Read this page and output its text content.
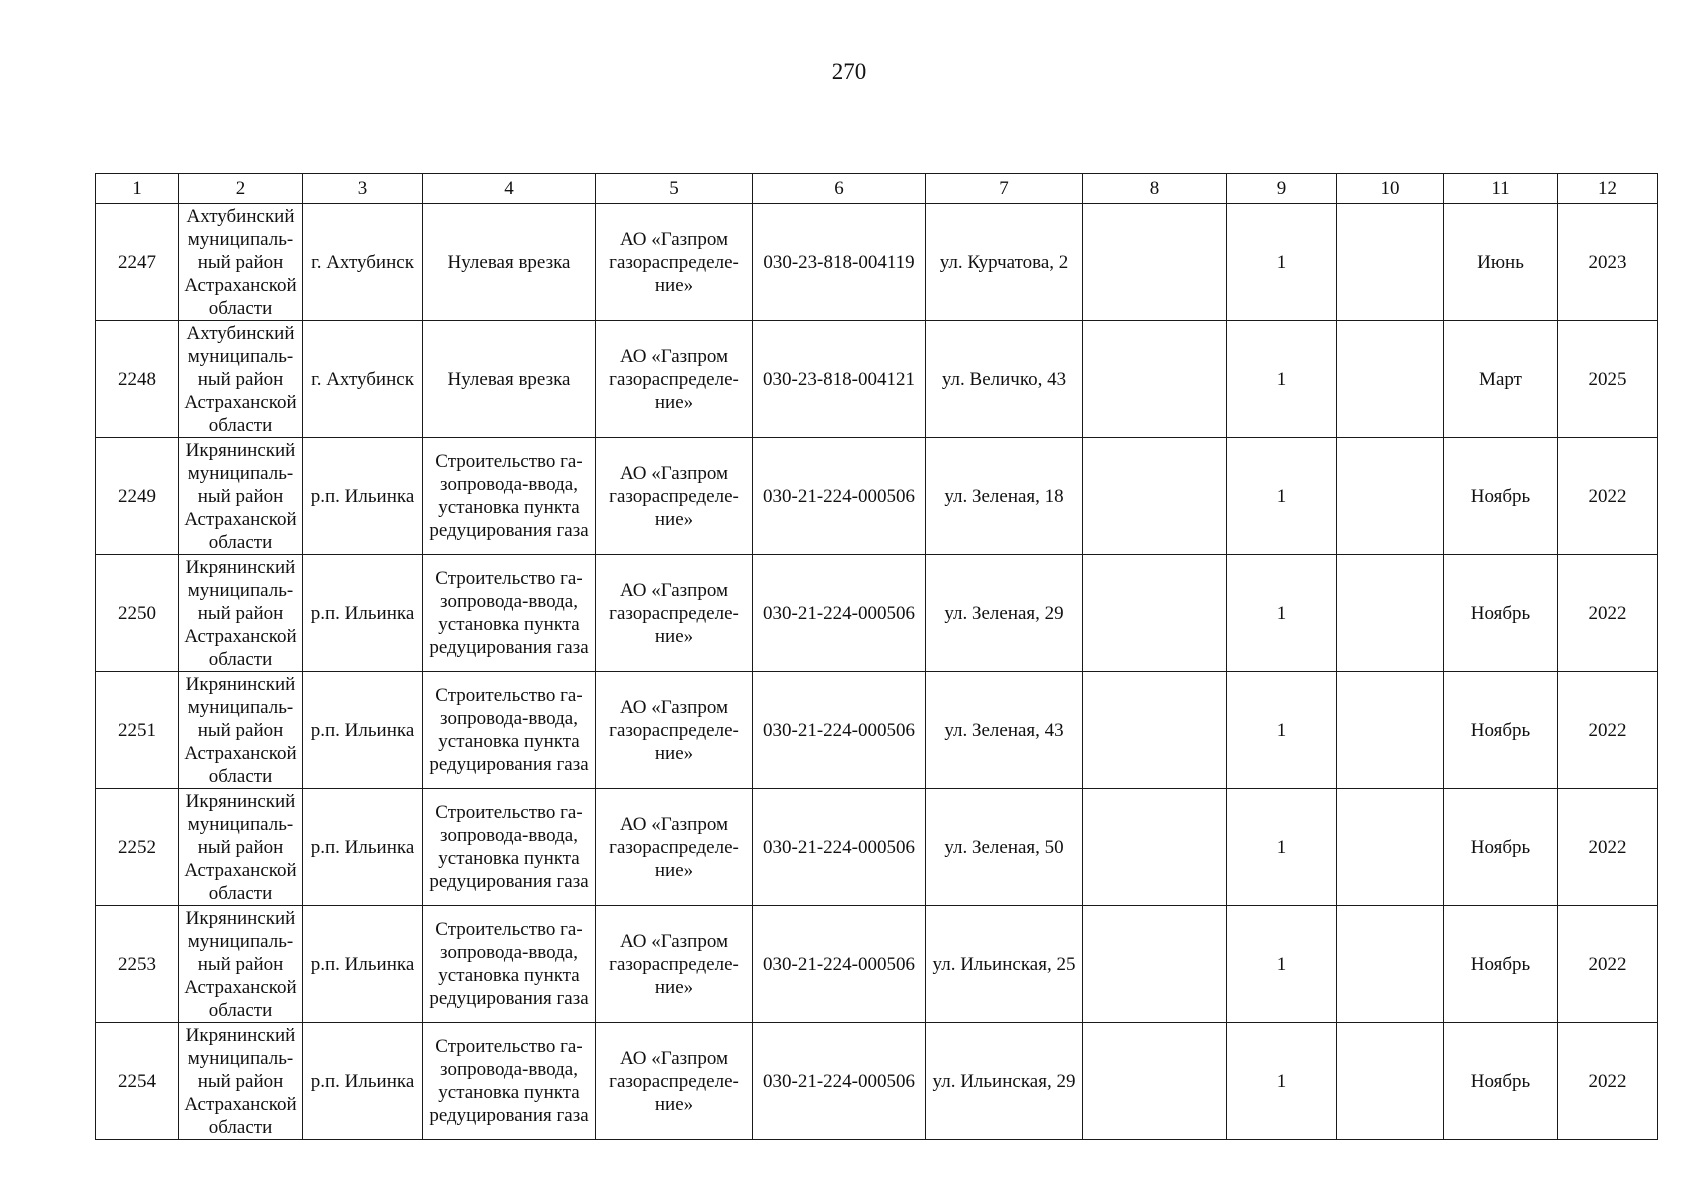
270
1	2	3	4	5	6	7	8	9	10	11	12

2247	Ахтубинский
муниципаль-
ный район
Астраханской
области	г. Ахтубинск	Нулевая врезка	АО «Газпром
газораспределе-
ние»	030-23-818-004119	ул. Курчатова, 2		1		Июнь	2023

2248	Ахтубинский
муниципаль-
ный район
Астраханской
области	г. Ахтубинск	Нулевая врезка	АО «Газпром
газораспределе-
ние»	030-23-818-004121	ул. Величко, 43		1		Март	2025

2249	Икрянинский
муниципаль-
ный район
Астраханской
области	р.п. Ильинка	Строительство га-
зопровода-ввода,
установка пункта
редуцирования газа	АО «Газпром
газораспределе-
ние»	030-21-224-000506	ул. Зеленая, 18		1		Ноябрь	2022

2250	Икрянинский
муниципаль-
ный район
Астраханской
области	р.п. Ильинка	Строительство га-
зопровода-ввода,
установка пункта
редуцирования газа	АО «Газпром
газораспределе-
ние»	030-21-224-000506	ул. Зеленая, 29		1		Ноябрь	2022

2251	Икрянинский
муниципаль-
ный район
Астраханской
области	р.п. Ильинка	Строительство га-
зопровода-ввода,
установка пункта
редуцирования газа	АО «Газпром
газораспределе-
ние»	030-21-224-000506	ул. Зеленая, 43		1		Ноябрь	2022

2252	Икрянинский
муниципаль-
ный район
Астраханской
области	р.п. Ильинка	Строительство га-
зопровода-ввода,
установка пункта
редуцирования газа	АО «Газпром
газораспределе-
ние»	030-21-224-000506	ул. Зеленая, 50		1		Ноябрь	2022

2253	Икрянинский
муниципаль-
ный район
Астраханской
области	р.п. Ильинка	Строительство га-
зопровода-ввода,
установка пункта
редуцирования газа	АО «Газпром
газораспределе-
ние»	030-21-224-000506	ул. Ильинская, 25		1		Ноябрь	2022

2254	Икрянинский
муниципаль-
ный район
Астраханской
области	р.п. Ильинка	Строительство га-
зопровода-ввода,
установка пункта
редуцирования газа	АО «Газпром
газораспределе-
ние»	030-21-224-000506	ул. Ильинская, 29		1		Ноябрь	2022
